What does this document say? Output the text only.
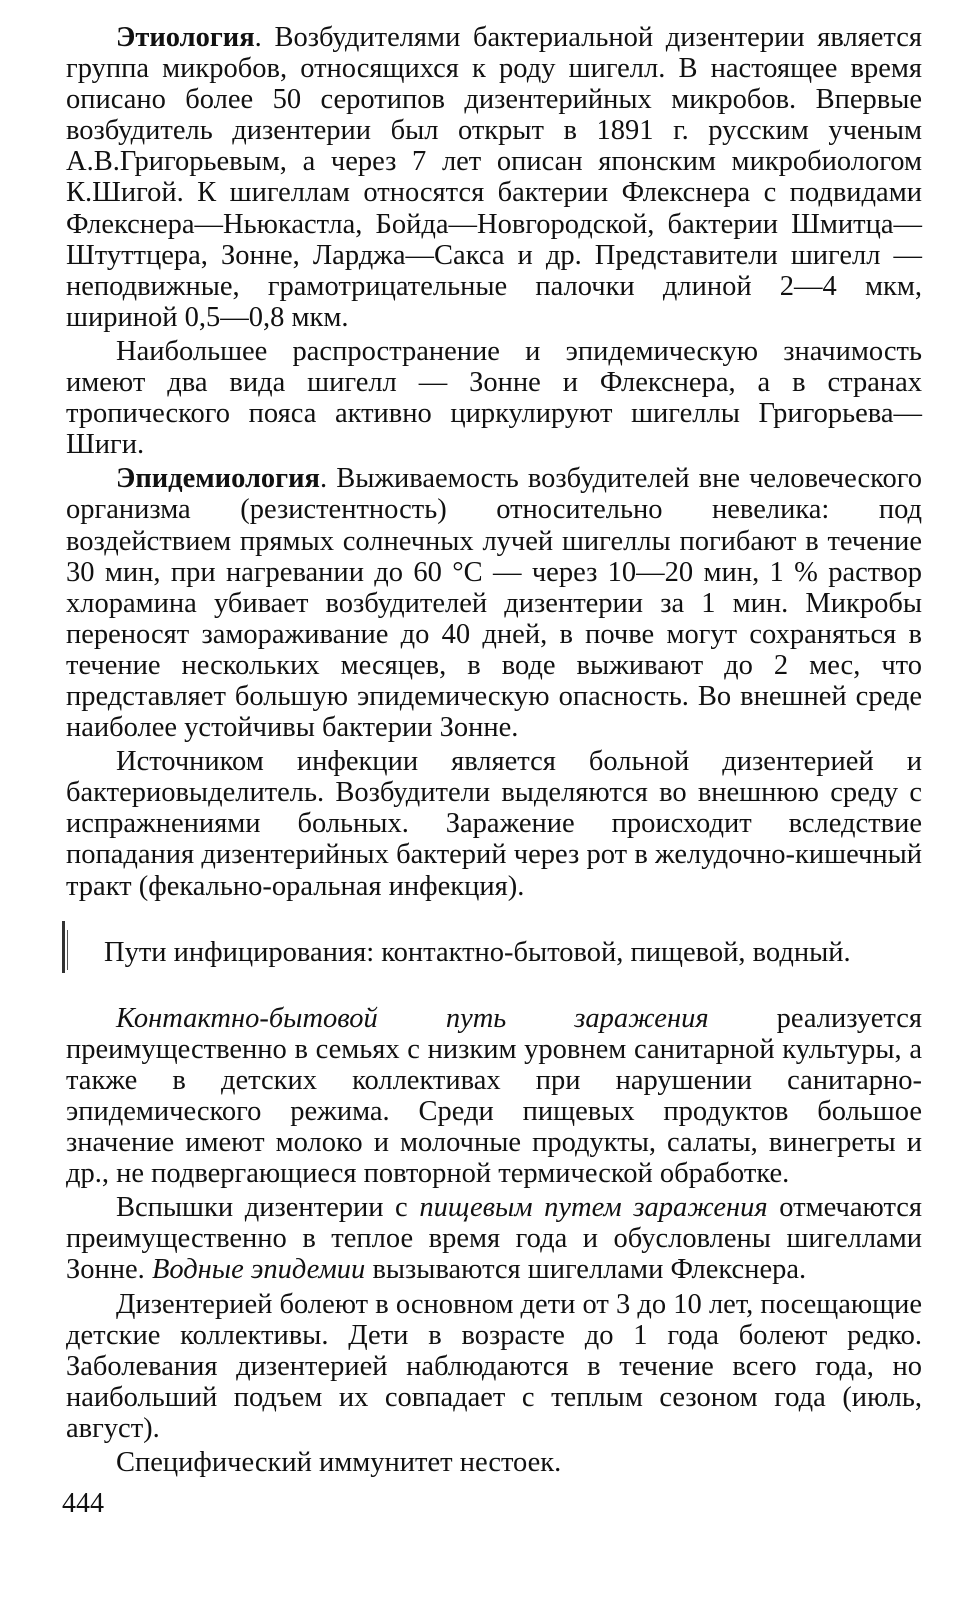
Этиология. Возбудителями бактериальной дизентерии является группа микробов, относящихся к роду шигелл. В настоящее время описано более 50 серотипов дизентерийных микробов. Впервые возбудитель дизентерии был открыт в 1891 г. русским ученым А.В.Григорьевым, а через 7 лет описан японским микробиологом К.Шигой. К шигеллам относятся бактерии Флекснера с подвидами Флекснера—Ньюкастла, Бойда—Новгородской, бактерии Шмитца— Штуттцера, Зонне, Ларджа—Сакса и др. Представители шигелл — неподвижные, грамотрицательные палочки длиной 2—4 мкм, шириной 0,5—0,8 мкм.

Наибольшее распространение и эпидемическую значимость имеют два вида шигелл — Зонне и Флекснера, а в странах тропического пояса активно циркулируют шигеллы Григорьева—Шиги.

Эпидемиология. Выживаемость возбудителей вне человеческого организма (резистентность) относительно невелика: под воздействием прямых солнечных лучей шигеллы погибают в течение 30 мин, при нагревании до 60 °С — через 10—20 мин, 1 % раствор хлорамина убивает возбудителей дизентерии за 1 мин. Микробы переносят замораживание до 40 дней, в почве могут сохраняться в течение нескольких месяцев, в воде выживают до 2 мес, что представляет большую эпидемическую опасность. Во внешней среде наиболее устойчивы бактерии Зонне.

Источником инфекции является больной дизентерией и бактериовыделитель. Возбудители выделяются во внешнюю среду с испражнениями больных. Заражение происходит вследствие попадания дизентерийных бактерий через рот в желудочно-кишечный тракт (фекально-оральная инфекция).

Пути инфицирования: контактно-бытовой, пищевой, водный.

Контактно-бытовой путь заражения реализуется преимущественно в семьях с низким уровнем санитарной культуры, а также в детских коллективах при нарушении санитарно-эпидемического режима. Среди пищевых продуктов большое значение имеют молоко и молочные продукты, салаты, винегреты и др., не подвергающиеся повторной термической обработке.

Вспышки дизентерии с пищевым путем заражения отмечаются преимущественно в теплое время года и обусловлены шигеллами Зонне. Водные эпидемии вызываются шигеллами Флекснера.

Дизентерией болеют в основном дети от 3 до 10 лет, посещающие детские коллективы. Дети в возрасте до 1 года болеют редко. Заболевания дизентерией наблюдаются в течение всего года, но наибольший подъем их совпадает с теплым сезоном года (июль, август).

Специфический иммунитет нестоек.

444
